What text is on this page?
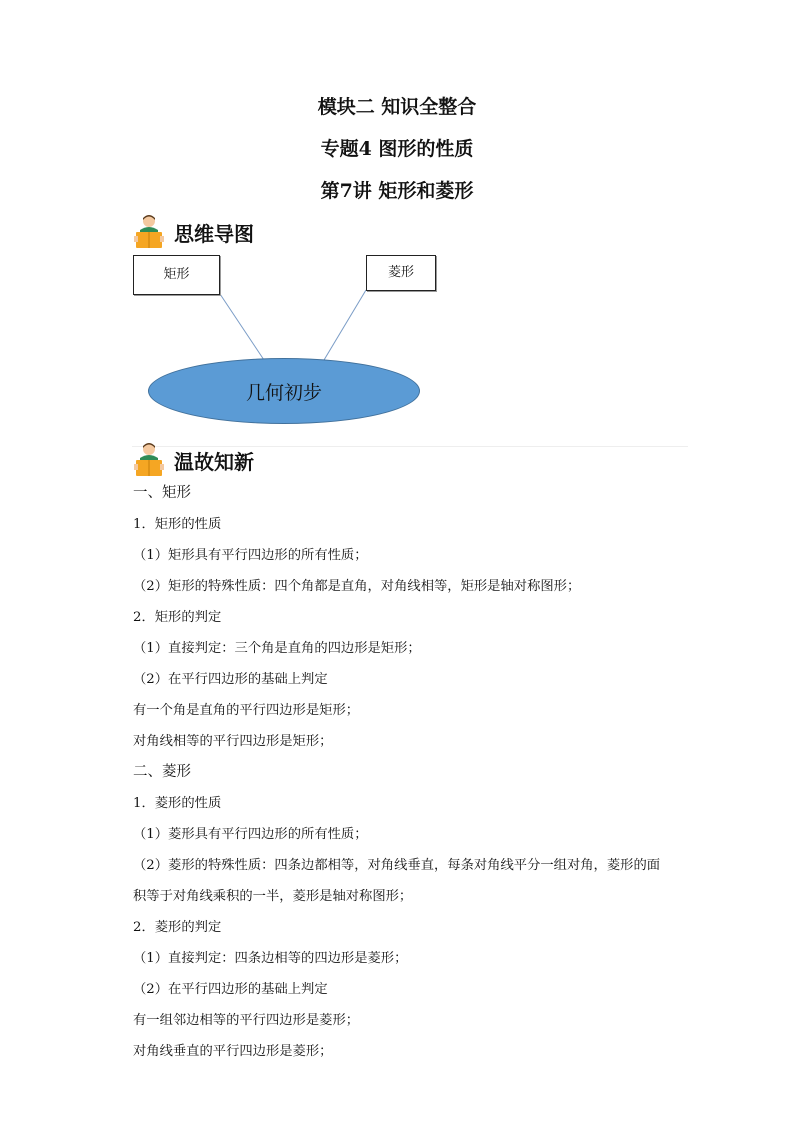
模块二 知识全整合
专题4 图形的性质
第7讲 矩形和菱形
思维导图
矩形	菱形
几何初步
温故知新
一、矩形
1．矩形的性质
（1）矩形具有平行四边形的所有性质；
（2）矩形的特殊性质：四个角都是直角，对角线相等，矩形是轴对称图形；
2．矩形的判定
（1）直接判定：三个角是直角的四边形是矩形；
（2）在平行四边形的基础上判定
有一个角是直角的平行四边形是矩形；
对角线相等的平行四边形是矩形；
二、菱形
1．菱形的性质
（1）菱形具有平行四边形的所有性质；
（2）菱形的特殊性质：四条边都相等，对角线垂直，每条对角线平分一组对角，菱形的面积等于对角线乘积的一半，菱形是轴对称图形；
2．菱形的判定
（1）直接判定：四条边相等的四边形是菱形；
（2）在平行四边形的基础上判定
有一组邻边相等的平行四边形是菱形；
对角线垂直的平行四边形是菱形；
